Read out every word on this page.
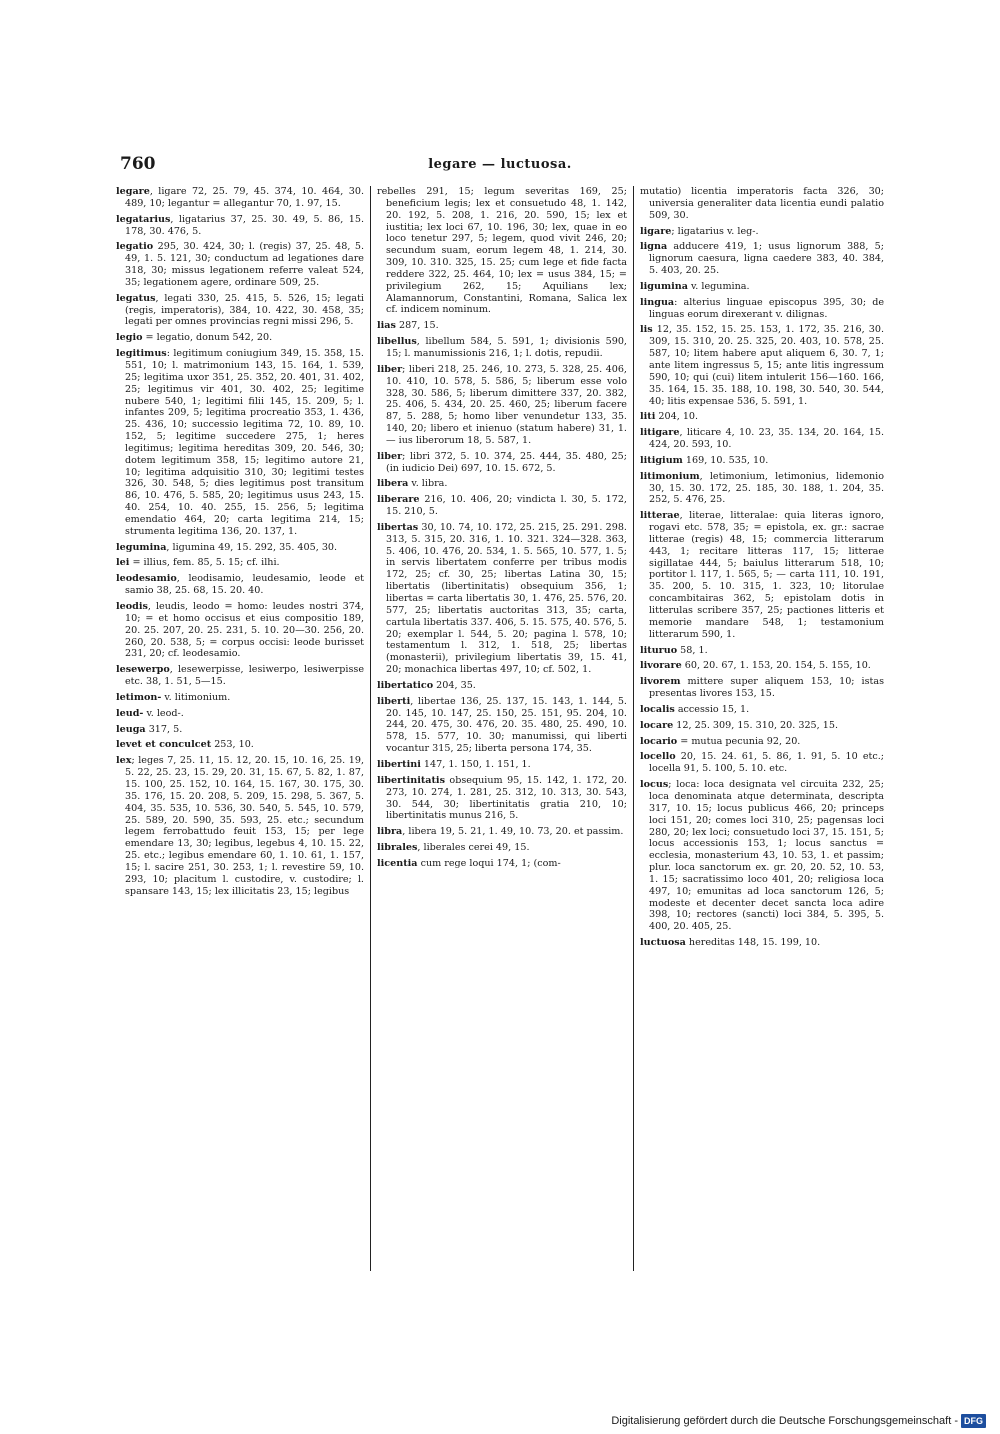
760	legare — luctuosa.
legare, ligare 72, 25. 79, 45. 374, 10. 464, 30. 489, 10; legantur = allegantur 70, 1. 97, 15.
legatarius, ligatarius 37, 25. 30. 49, 5. 86, 15. 178, 30. 476, 5.
legatio 295, 30. 424, 30; l. (regis) 37, 25. 48, 5. 49, 1. 5. 121, 30; conductum ad legationes dare 318, 30; missus legationem referre valeat 524, 35; legationem agere, ordinare 509, 25.
legatus, legati 330, 25. 415, 5. 526, 15; legati (regis, imperatoris), 384, 10. 422, 30. 458, 35; legati per omnes provincias regni missi 296, 5.
legio = legatio, donum 542, 20.
legitimus: legitimum coniugium 349, 15. 358, 15. 551, 10; l. matrimonium 143, 15. 164, 1. 539, 25; legitima uxor 351, 25. 352, 20. 401, 31. 402, 25; legitimus vir 401, 30. 402, 25; legitime nubere 540, 1; legitimi filii 145, 15. 209, 5; l. infantes 209, 5; legitima procreatio 353, 1. 436, 25. 436, 10; successio legitima 72, 10. 89, 10. 152, 5; legitime succedere 275, 1; heres legitimus; legitima hereditas 309, 20. 546, 30; dotem legitimum 358, 15; legitimo autore 21, 10; legitima adquisitio 310, 30; legitimi testes 326, 30. 548, 5; dies legitimus post transitum 86, 10. 476, 5. 585, 20; legitimus usus 243, 15. 40. 254, 10. 40. 255, 15. 256, 5; legitima emendatio 464, 20; carta legitima 214, 15; strumenta legitima 136, 20. 137, 1.
legumina, ligumina 49, 15. 292, 35. 405, 30.
lei = illius, fem. 85, 5. 15; cf. ilhi.
leodesamio, leodisamio, leudesamio, leode et samio 38, 25. 68, 15. 20. 40.
leodis, leudis, leodo = homo: leudes nostri 374, 10; = et homo occisus et eius compositio 189, 20. 25. 207, 20. 25. 231, 5. 10. 20—30. 256, 20. 260, 20. 538, 5; = corpus occisi: leode burisset 231, 20; cf. leodesamio.
lesewerpo, lesewerpisse, lesiwerpo, lesiwerpisse etc. 38, 1. 51, 5—15.
letimon- v. litimonium.
leud- v. leod-.
leuga 317, 5.
levet et conculcet 253, 10.
lex; leges 7, 25. 11, 15. 12, 20. 15, 10. 16, 25. 19, 5. 22, 25. 23, 15. 29, 20. 31, 15. 67, 5. 82, 1. 87, 15. 100, 25. 152, 10. 164, 15. 167, 30. 175, 30. 35. 176, 15. 20. 208, 5. 209, 15. 298, 5. 367, 5. 404, 35. 535, 10. 536, 30. 540, 5. 545, 10. 579, 25. 589, 20. 590, 35. 593, 25. etc.; secundum legem ferrobattudo feuit 153, 15; per lege emendare 13, 30; legibus, legebus 4, 10. 15. 22, 25. etc.; legibus emendare 60, 1. 10. 61, 1. 157, 15; l. sacire 251, 30. 253, 1; l. revestire 59, 10. 293, 10; placitum l. custodire, v. custodire; l. spansare 143, 15; lex illicitatis 23, 15; legibus
rebelles 291, 15; legum severitas 169, 25; beneficium legis; lex et consuetudo 48, 1. 142, 20. 192, 5. 208, 1. 216, 20. 590, 15; lex et iustitia; lex loci 67, 10. 196, 30; lex, quae in eo loco tenetur 297, 5; legem, quod vivit 246, 20; secundum suam, eorum legem 48, 1. 214, 30. 309, 10. 310. 325, 15. 25; cum lege et fide facta reddere 322, 25. 464, 10; lex = usus 384, 15; = privilegium 262, 15; Aquilians lex; Alamannorum, Constantini, Romana, Salica lex cf. indicem nominum.
lias 287, 15.
libellus, libellum 584, 5. 591, 1; divisionis 590, 15; l. manumissionis 216, 1; l. dotis, repudii.
liber; liberi 218, 25. 246, 10. 273, 5. 328, 25. 406, 10. 410, 10. 578, 5. 586, 5; liberum esse volo 328, 30. 586, 5; liberum dimittere 337, 20. 382, 25. 406, 5. 434, 20. 25. 460, 25; liberum facere 87, 5. 288, 5; homo liber venundetur 133, 35. 140, 20; libero et inienuo (statum habere) 31, 1. — ius liberorum 18, 5. 587, 1.
liber; libri 372, 5. 10. 374, 25. 444, 35. 480, 25; (in iudicio Dei) 697, 10. 15. 672, 5.
libera v. libra.
liberare 216, 10. 406, 20; vindicta l. 30, 5. 172, 15. 210, 5.
libertas 30, 10. 74, 10. 172, 25. 215, 25. 291. 298. 313, 5. 315, 20. 316, 1. 10. 321. 324—328. 363, 5. 406, 10. 476, 20. 534, 1. 5. 565, 10. 577, 1. 5; in servis libertatem conferre per tribus modis 172, 25; cf. 30, 25; libertas Latina 30, 15; libertatis (libertinitatis) obsequium 356, 1; libertas = carta libertatis 30, 1. 476, 25. 576, 20. 577, 25; libertatis auctoritas 313, 35; carta, cartula libertatis 337. 406, 5. 15. 575, 40. 576, 5. 20; exemplar l. 544, 5. 20; pagina l. 578, 10; testamentum l. 312, 1. 518, 25; libertas (monasterii), privilegium libertatis 39, 15. 41, 20; monachica libertas 497, 10; cf. 502, 1.
libertatico 204, 35.
liberti, libertae 136, 25. 137, 15. 143, 1. 144, 5. 20. 145, 10. 147, 25. 150, 25. 151, 95. 204, 10. 244, 20. 475, 30. 476, 20. 35. 480, 25. 490, 10. 578, 15. 577, 10. 30; manumissi, qui liberti vocantur 315, 25; liberta persona 174, 35.
libertini 147, 1. 150, 1. 151, 1.
libertinitatis obsequium 95, 15. 142, 1. 172, 20. 273, 10. 274, 1. 281, 25. 312, 10. 313, 30. 543, 30. 544, 30; libertinitatis gratia 210, 10; libertinitatis munus 216, 5.
libra, libera 19, 5. 21, 1. 49, 10. 73, 20. et passim.
librales, liberales cerei 49, 15.
licentia cum rege loqui 174, 1; (com-
mutatio) licentia imperatoris facta 326, 30; universia generaliter data licentia eundi palatio 509, 30.
ligare; ligatarius v. leg-.
ligna adducere 419, 1; usus lignorum 388, 5; lignorum caesura, ligna caedere 383, 40. 384, 5. 403, 20. 25.
ligumina v. legumina.
lingua: alterius linguae episcopus 395, 30; de linguas eorum direxerant v. dilignas.
lis 12, 35. 152, 15. 25. 153, 1. 172, 35. 216, 30. 309, 15. 310, 20. 25. 325, 20. 403, 10. 578, 25. 587, 10; litem habere aput aliquem 6, 30. 7, 1; ante litem ingressus 5, 15; ante litis ingressum 590, 10; qui (cui) litem intulerit 156—160. 166, 35. 164, 15. 35. 188, 10. 198, 30. 540, 30. 544, 40; litis expensae 536, 5. 591, 1.
liti 204, 10.
litigare, liticare 4, 10. 23, 35. 134, 20. 164, 15. 424, 20. 593, 10.
litigium 169, 10. 535, 10.
litimonium, letimonium, letimonius, lidemonio 30, 15. 30. 172, 25. 185, 30. 188, 1. 204, 35. 252, 5. 476, 25.
litterae, literae, litteralae: quia literas ignoro, rogavi etc. 578, 35; = epistola, ex. gr.: sacrae litterae (regis) 48, 15; commercia litterarum 443, 1; recitare litteras 117, 15; litterae sigillatae 444, 5; baiulus litterarum 518, 10; portitor l. 117, 1. 565, 5; — carta 111, 10. 191, 35. 200, 5. 10. 315, 1. 323, 10; litorulae concambitairas 362, 5; epistolam dotis in litterulas scribere 357, 25; pactiones litteris et memorie mandare 548, 1; testamonium litterarum 590, 1.
lituruo 58, 1.
livorare 60, 20. 67, 1. 153, 20. 154, 5. 155, 10.
livorem mittere super aliquem 153, 10; istas presentas livores 153, 15.
localis accessio 15, 1.
locare 12, 25. 309, 15. 310, 20. 325, 15.
locario = mutua pecunia 92, 20.
locello 20, 15. 24. 61, 5. 86, 1. 91, 5. 10 etc.; locella 91, 5. 100, 5. 10. etc.
locus; loca: loca designata vel circuita 232, 25; loca denominata atque determinata, descripta 317, 10. 15; locus publicus 466, 20; princeps loci 151, 20; comes loci 310, 25; pagensas loci 280, 20; lex loci; consuetudo loci 37, 15. 151, 5; locus accessionis 153, 1; locus sanctus = ecclesia, monasterium 43, 10. 53, 1. et passim; plur. loca sanctorum ex. gr. 20, 20. 52, 10. 53, 1. 15; sacratissimo loco 401, 20; religiosa loca 497, 10; emunitas ad loca sanctorum 126, 5; modeste et decenter decet sancta loca adire 398, 10; rectores (sancti) loci 384, 5. 395, 5. 400, 20. 405, 25.
luctuosa hereditas 148, 15. 199, 10.
Digitalisierung gefördert durch die Deutsche Forschungsgemeinschaft - DFG
